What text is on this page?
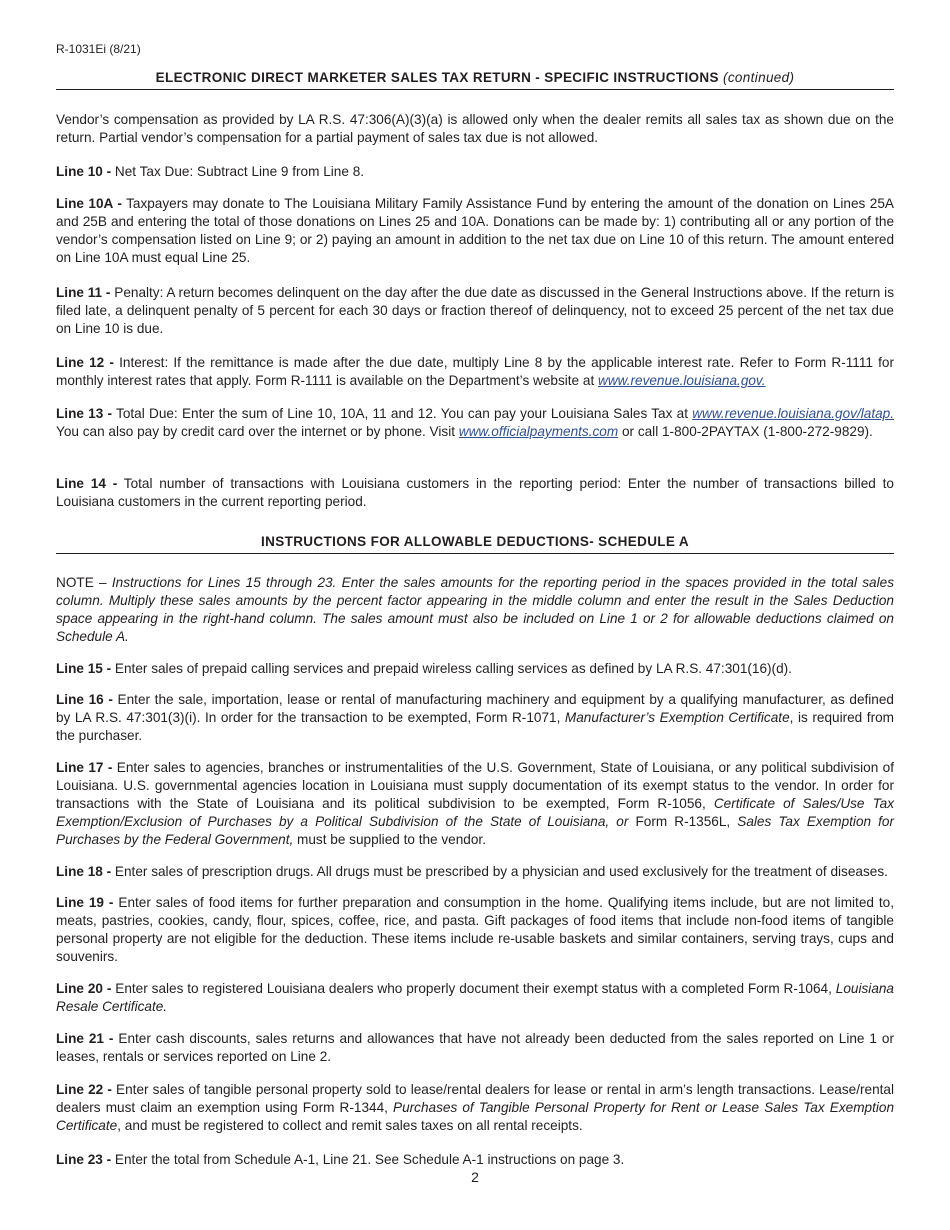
R-1031Ei (8/21)
ELECTRONIC DIRECT MARKETER SALES TAX RETURN - SPECIFIC INSTRUCTIONS (continued)

Vendor’s compensation as provided by LA R.S. 47:306(A)(3)(a) is allowed only when the dealer remits all sales tax as shown due on the return. Partial vendor’s compensation for a partial payment of sales tax due is not allowed.

Line 10 - Net Tax Due: Subtract Line 9 from Line 8.

Line 10A - Taxpayers may donate to The Louisiana Military Family Assistance Fund by entering the amount of the donation on Lines 25A and 25B and entering the total of those donations on Lines 25 and 10A. Donations can be made by: 1) contributing all or any portion of the vendor’s compensation listed on Line 9; or 2) paying an amount in addition to the net tax due on Line 10 of this return. The amount entered on Line 10A must equal Line 25.

Line 11 - Penalty: A return becomes delinquent on the day after the due date as discussed in the General Instructions above. If the return is filed late, a delinquent penalty of 5 percent for each 30 days or fraction thereof of delinquency, not to exceed 25 percent of the net tax due on Line 10 is due.

Line 12 - Interest: If the remittance is made after the due date, multiply Line 8 by the applicable interest rate. Refer to Form R-1111 for monthly interest rates that apply. Form R-1111 is available on the Department’s website at www.revenue.louisiana.gov.

Line 13 - Total Due: Enter the sum of Line 10, 10A, 11 and 12. You can pay your Louisiana Sales Tax at www.revenue.louisiana.gov/latap. You can also pay by credit card over the internet or by phone. Visit www.officialpayments.com or call 1-800-2PAYTAX (1-800-272-9829).

Line 14 - Total number of transactions with Louisiana customers in the reporting period: Enter the number of transactions billed to Louisiana customers in the current reporting period.

INSTRUCTIONS FOR ALLOWABLE DEDUCTIONS- SCHEDULE A

NOTE – Instructions for Lines 15 through 23. Enter the sales amounts for the reporting period in the spaces provided in the total sales column. Multiply these sales amounts by the percent factor appearing in the middle column and enter the result in the Sales Deduction space appearing in the right-hand column. The sales amount must also be included on Line 1 or 2 for allowable deductions claimed on Schedule A.

Line 15 - Enter sales of prepaid calling services and prepaid wireless calling services as defined by LA R.S. 47:301(16)(d).

Line 16 - Enter the sale, importation, lease or rental of manufacturing machinery and equipment by a qualifying manufacturer, as defined by LA R.S. 47:301(3)(i). In order for the transaction to be exempted, Form R-1071, Manufacturer’s Exemption Certificate, is required from the purchaser.

Line 17 - Enter sales to agencies, branches or instrumentalities of the U.S. Government, State of Louisiana, or any political subdivision of Louisiana. U.S. governmental agencies location in Louisiana must supply documentation of its exempt status to the vendor. In order for transactions with the State of Louisiana and its political subdivision to be exempted, Form R-1056, Certificate of Sales/Use Tax Exemption/Exclusion of Purchases by a Political Subdivision of the State of Louisiana, or Form R-1356L, Sales Tax Exemption for Purchases by the Federal Government, must be supplied to the vendor.

Line 18 - Enter sales of prescription drugs. All drugs must be prescribed by a physician and used exclusively for the treatment of diseases.

Line 19 - Enter sales of food items for further preparation and consumption in the home. Qualifying items include, but are not limited to, meats, pastries, cookies, candy, flour, spices, coffee, rice, and pasta. Gift packages of food items that include non-food items of tangible personal property are not eligible for the deduction. These items include re-usable baskets and similar containers, serving trays, cups and souvenirs.

Line 20 - Enter sales to registered Louisiana dealers who properly document their exempt status with a completed Form R-1064, Louisiana Resale Certificate.

Line 21 - Enter cash discounts, sales returns and allowances that have not already been deducted from the sales reported on Line 1 or leases, rentals or services reported on Line 2.

Line 22 - Enter sales of tangible personal property sold to lease/rental dealers for lease or rental in arm’s length transactions. Lease/rental dealers must claim an exemption using Form R-1344, Purchases of Tangible Personal Property for Rent or Lease Sales Tax Exemption Certificate, and must be registered to collect and remit sales taxes on all rental receipts.

Line 23 - Enter the total from Schedule A-1, Line 21. See Schedule A-1 instructions on page 3.

2
